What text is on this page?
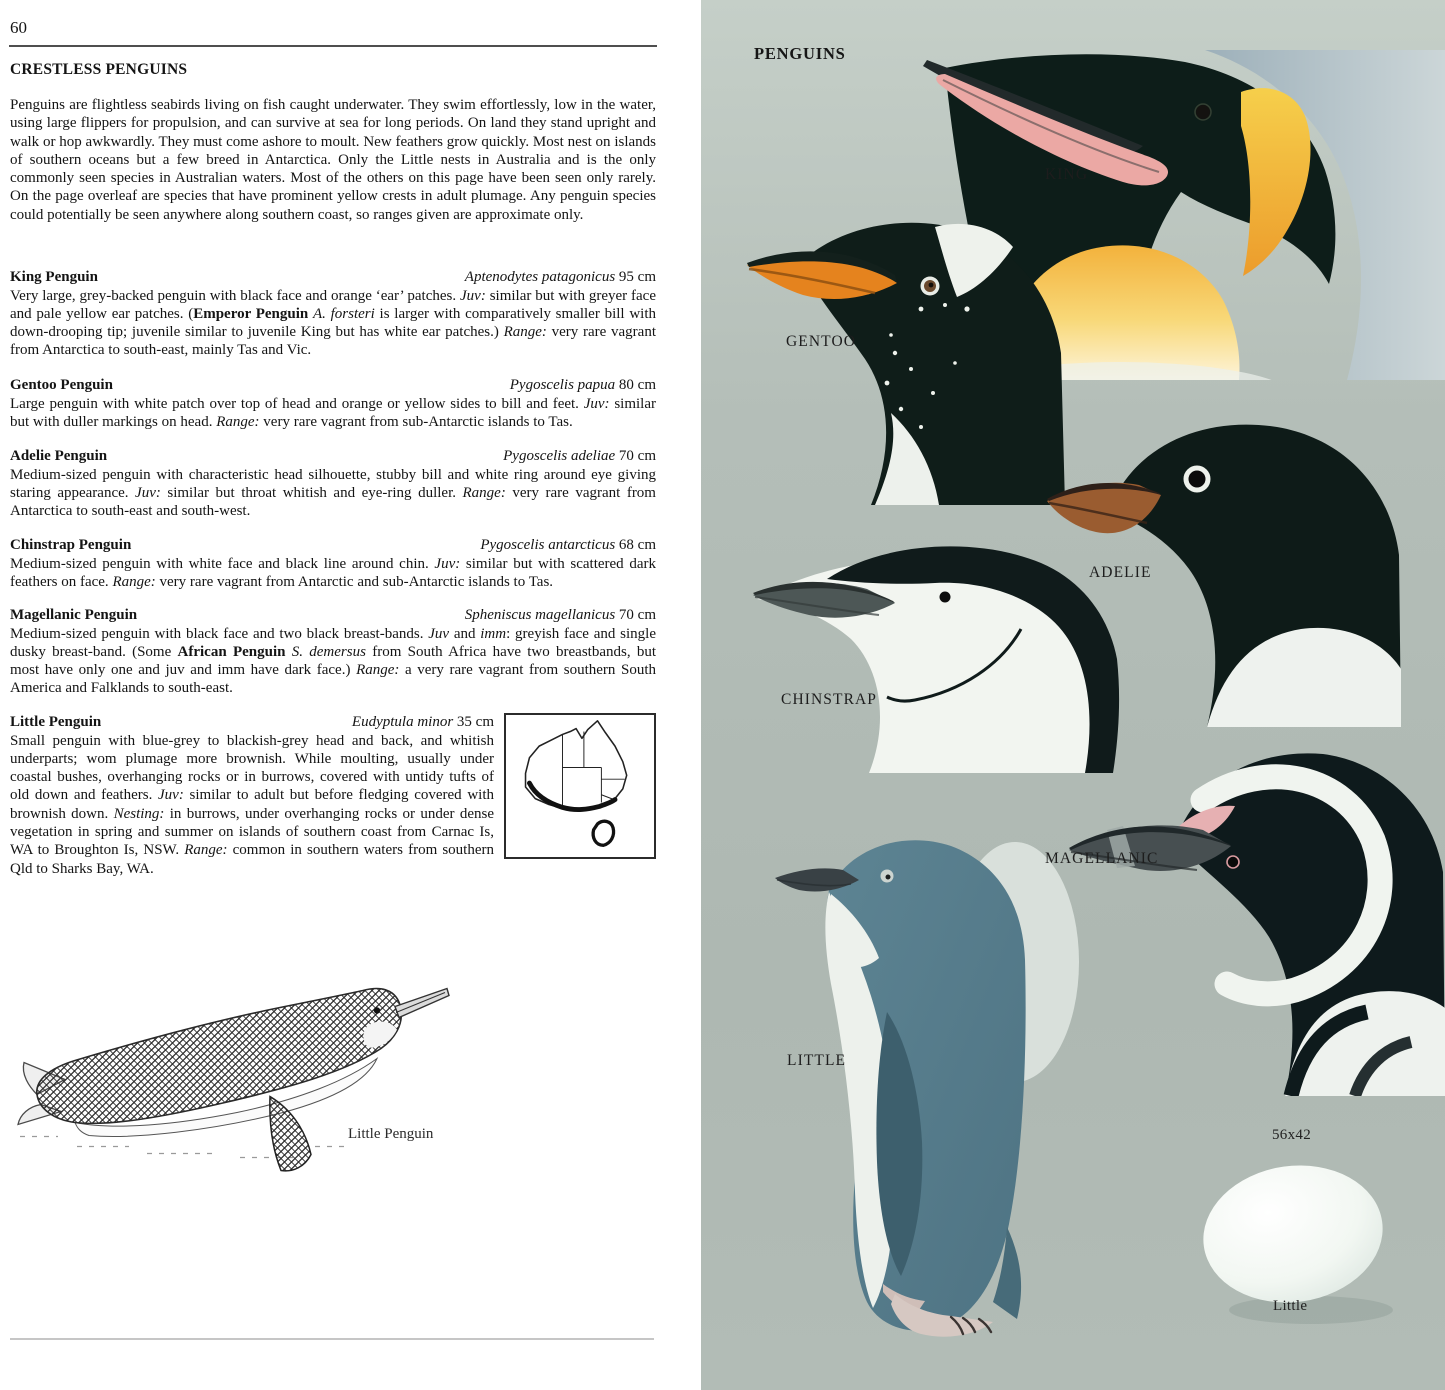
60
CRESTLESS PENGUINS

Penguins are flightless seabirds living on fish caught underwater. They swim effortlessly, low in the water, using large flippers for propulsion, and can survive at sea for long periods. On land they stand upright and walk or hop awkwardly. They must come ashore to moult. New feathers grow quickly. Most nest on islands of southern oceans but a few breed in Antarctica. Only the Little nests in Australia and is the only commonly seen species in Australian waters. Most of the others on this page have been seen only rarely. On the page overleaf are species that have prominent yellow crests in adult plumage. Any penguin species could potentially be seen anywhere along southern coast, so ranges given are approximate only.

King Penguin	Aptenodytes patagonicus 95 cm
Very large, grey-backed penguin with black face and orange ‘ear’ patches. Juv: similar but with greyer face and pale yellow ear patches. (Emperor Penguin A. forsteri is larger with comparatively smaller bill with down-drooping tip; juvenile similar to juvenile King but has white ear patches.) Range: very rare vagrant from Antarctica to south-east, mainly Tas and Vic.
Gentoo Penguin	Pygoscelis papua 80 cm
Large penguin with white patch over top of head and orange or yellow sides to bill and feet. Juv: similar but with duller markings on head. Range: very rare vagrant from sub-Antarctic islands to Tas.
Adelie Penguin	Pygoscelis adeliae 70 cm
Medium-sized penguin with characteristic head silhouette, stubby bill and white ring around eye giving staring appearance. Juv: similar but throat whitish and eye-ring duller. Range: very rare vagrant from Antarctica to south-east and south-west.
Chinstrap Penguin	Pygoscelis antarcticus 68 cm
Medium-sized penguin with white face and black line around chin. Juv: similar but with scattered dark feathers on face. Range: very rare vagrant from Antarctic and sub-Antarctic islands to Tas.
Magellanic Penguin	Spheniscus magellanicus 70 cm
Medium-sized penguin with black face and two black breast-bands. Juv and imm: greyish face and single dusky breast-band. (Some African Penguin S. demersus from South Africa have two breastbands, but most have only one and juv and imm have dark face.) Range: a very rare vagrant from southern South America and Falklands to south-east.
Little Penguin	Eudyptula minor 35 cm
Small penguin with blue-grey to blackish-grey head and back, and whitish underparts; wom plumage more brownish. While moulting, usually under coastal bushes, overhanging rocks or in burrows, covered with untidy tufts of old down and feathers. Juv: similar to adult but before fledging covered with brownish down. Nesting: in burrows, under overhanging rocks or under dense vegetation in spring and summer on islands of southern coast from Carnac Is, WA to Broughton Is, NSW. Range: common in southern waters from southern Qld to Sharks Bay, WA.
Little Penguin
PENGUINS
KING
GENTOO
ADELIE
CHINSTRAP
MAGELLANIC
LITTLE
56x42
Little
